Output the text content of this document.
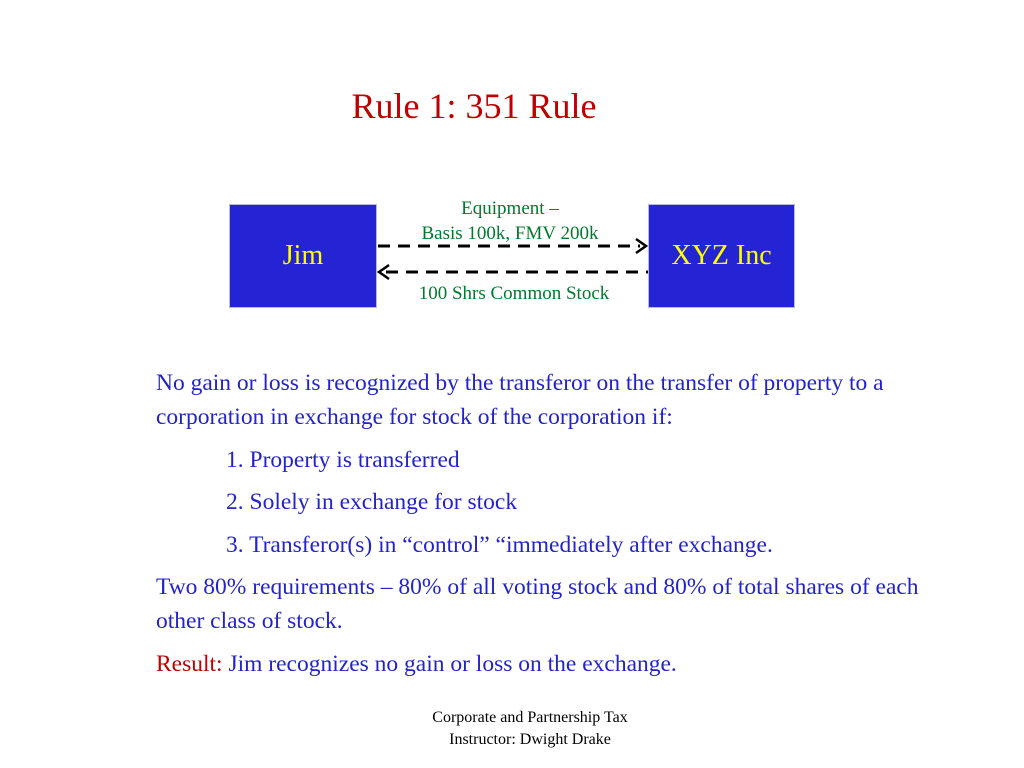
Rule 1: 351 Rule
Jim	XYZ Inc
Equipment –
Basis 100k, FMV 200k
100 Shrs Common Stock
No gain or loss is recognized by the transferor on the transfer of property to a corporation in exchange for stock of the corporation if:
1. Property is transferred
2. Solely in exchange for stock
3. Transferor(s) in “control” “immediately after exchange.
Two 80% requirements – 80% of all voting stock and 80% of total shares of each other class of stock.
Result: Jim recognizes no gain or loss on the exchange.
Corporate and Partnership Tax
Instructor: Dwight Drake
